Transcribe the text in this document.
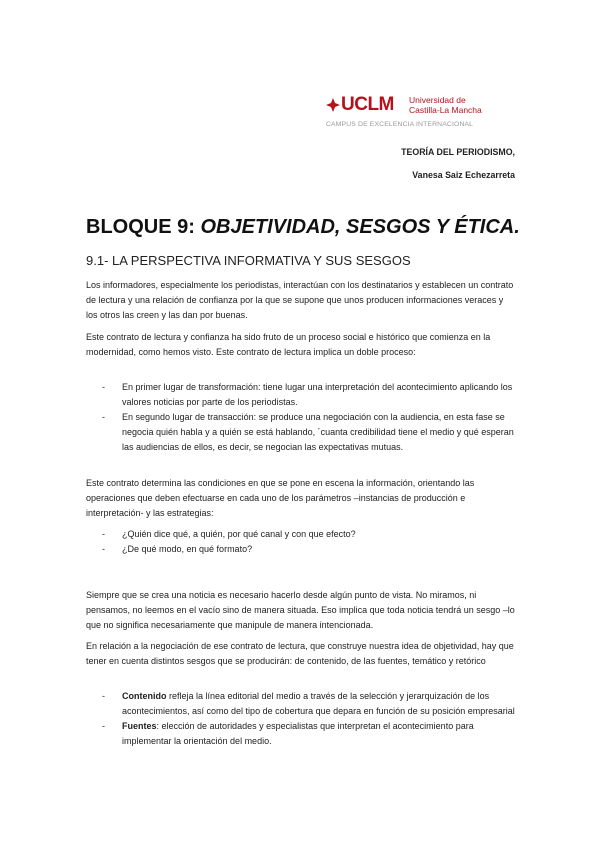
UCLM Universidad de
Castilla-La Mancha
CAMPUS DE EXCELENCIA INTERNACIONAL
TEORÍA DEL PERIODISMO,
Vanesa Saiz Echezarreta
BLOQUE 9: OBJETIVIDAD, SESGOS Y ÉTICA.
9.1- LA PERSPECTIVA INFORMATIVA Y SUS SESGOS

Los informadores, especialmente los periodistas, interactúan con los destinatarios y establecen un contrato de lectura y una relación de confianza por la que se supone que unos producen informaciones veraces y los otros las creen y las dan por buenas.

Este contrato de lectura y confianza ha sido fruto de un proceso social e histórico que comienza en la modernidad, como hemos visto. Este contrato de lectura implica un doble proceso:

- En primer lugar de transformación: tiene lugar una interpretación del acontecimiento aplicando los valores noticias por parte de los periodistas.
- En segundo lugar de transacción: se produce una negociación con la audiencia, en esta fase se negocia quién habla y a quién se está hablando, ´cuanta credibilidad tiene el medio y qué esperan las audiencias de ellos, es decir, se negocian las expectativas mutuas.

Este contrato determina las condiciones en que se pone en escena la información, orientando las operaciones que deben efectuarse en cada uno de los parámetros –instancias de producción e interpretación- y las estrategias:

- ¿Quién dice qué, a quién, por qué canal y con que efecto?
- ¿De qué modo, en qué formato?

Siempre que se crea una noticia es necesario hacerlo desde algún punto de vista. No miramos, ni pensamos, no leemos en el vacío sino de manera situada. Eso implica que toda noticia tendrá un sesgo –lo que no significa necesariamente que manipule de manera intencionada.

En relación a la negociación de ese contrato de lectura, que construye nuestra idea de objetividad, hay que tener en cuenta distintos sesgos que se producirán: de contenido, de las fuentes, temático y retórico

- Contenido refleja la línea editorial del medio a través de la selección y jerarquización de los acontecimientos, así como del tipo de cobertura que depara en función de su posición empresarial
- Fuentes: elección de autoridades y especialistas que interpretan el acontecimiento para implementar la orientación del medio.
